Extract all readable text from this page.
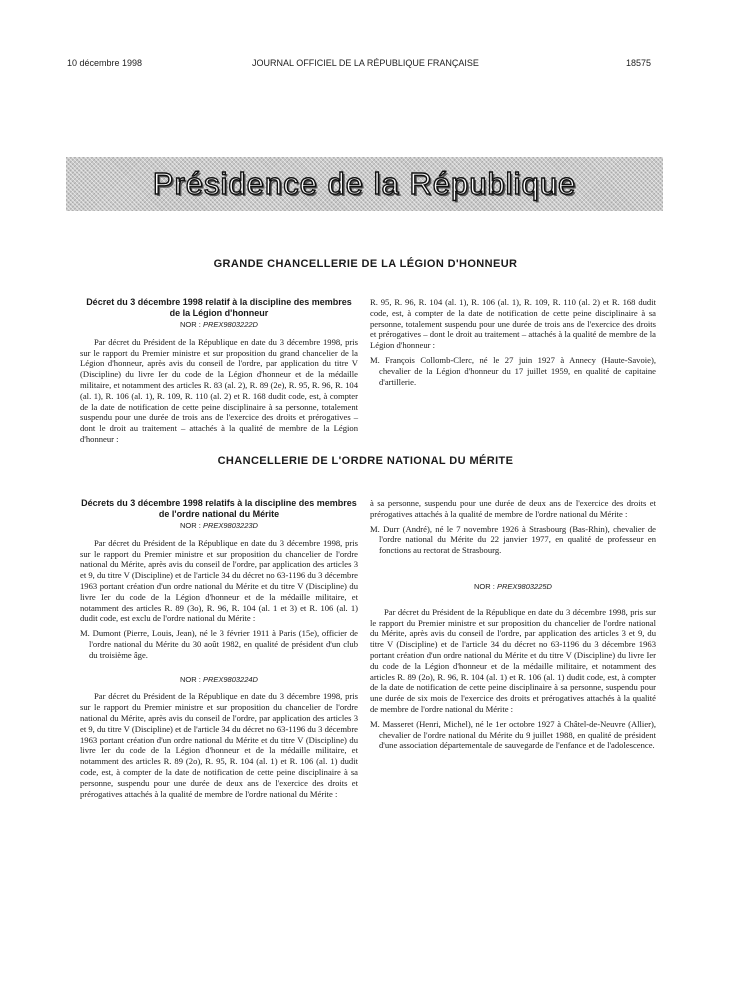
10 décembre 1998	JOURNAL OFFICIEL DE LA RÉPUBLIQUE FRANÇAISE	18575
Présidence de la République
GRANDE CHANCELLERIE DE LA LÉGION D'HONNEUR
Décret du 3 décembre 1998 relatif à la discipline des membres de la Légion d'honneur
NOR : PREX9803222D

Par décret du Président de la République en date du 3 décembre 1998, pris sur le rapport du Premier ministre et sur proposition du grand chancelier de la Légion d'honneur, après avis du conseil de l'ordre, par application du titre V (Discipline) du livre Ier du code de la Légion d'honneur et de la médaille militaire, et notamment des articles R. 83 (al. 2), R. 89 (2e), R. 95, R. 96, R. 104 (al. 1), R. 106 (al. 1), R. 109, R. 110 (al. 2) et R. 168 dudit code, est, à compter de la date de notification de cette peine disciplinaire à sa personne, totalement suspendu pour une durée de trois ans de l'exercice des droits et prérogatives – dont le droit au traitement – attachés à la qualité de membre de la Légion d'honneur :

R. 95, R. 96, R. 104 (al. 1), R. 106 (al. 1), R. 109, R. 110 (al. 2) et R. 168 dudit code, est, à compter de la date de notification de cette peine disciplinaire à sa personne, totalement suspendu pour une durée de trois ans de l'exercice des droits et prérogatives – dont le droit au traitement – attachés à la qualité de membre de la Légion d'honneur :

M. François Collomb-Clerc, né le 27 juin 1927 à Annecy (Haute-Savoie), chevalier de la Légion d'honneur du 17 juillet 1959, en qualité de capitaine d'artillerie.

CHANCELLERIE DE L'ORDRE NATIONAL DU MÉRITE
Décrets du 3 décembre 1998 relatifs à la discipline des membres de l'ordre national du Mérite
NOR : PREX9803223D

Par décret du Président de la République en date du 3 décembre 1998, pris sur le rapport du Premier ministre et sur proposition du chancelier de l'ordre national du Mérite, après avis du conseil de l'ordre, par application des articles 3 et 9, du titre V (Discipline) et de l'article 34 du décret no 63-1196 du 3 décembre 1963 portant création d'un ordre national du Mérite et du titre V (Discipline) du livre Ier du code de la Légion d'honneur et de la médaille militaire, et notamment des articles R. 89 (3o), R. 96, R. 104 (al. 1 et 3) et R. 106 (al. 1) dudit code, est exclu de l'ordre national du Mérite :

M. Dumont (Pierre, Louis, Jean), né le 3 février 1911 à Paris (15e), officier de l'ordre national du Mérite du 30 août 1982, en qualité de président d'un club du troisième âge.

NOR : PREX9803224D

Par décret du Président de la République en date du 3 décembre 1998, pris sur le rapport du Premier ministre et sur proposition du chancelier de l'ordre national du Mérite, après avis du conseil de l'ordre, par application des articles 3 et 9, du titre V (Discipline) et de l'article 34 du décret no 63-1196 du 3 décembre 1963 portant création d'un ordre national du Mérite et du titre V (Discipline) du livre Ier du code de la Légion d'honneur et de la médaille militaire, et notamment des articles R. 89 (2o), R. 95, R. 104 (al. 1) et R. 106 (al. 1) dudit code, est, à compter de la date de notification de cette peine disciplinaire à sa personne, suspendu pour une durée de deux ans de l'exercice des droits et prérogatives attachés à la qualité de membre de l'ordre national du Mérite :

à sa personne, suspendu pour une durée de deux ans de l'exercice des droits et prérogatives attachés à la qualité de membre de l'ordre national du Mérite :

M. Durr (André), né le 7 novembre 1926 à Strasbourg (Bas-Rhin), chevalier de l'ordre national du Mérite du 22 janvier 1977, en qualité de professeur en fonctions au rectorat de Strasbourg.

NOR : PREX9803225D

Par décret du Président de la République en date du 3 décembre 1998, pris sur le rapport du Premier ministre et sur proposition du chancelier de l'ordre national du Mérite, après avis du conseil de l'ordre, par application des articles 3 et 9, du titre V (Discipline) et de l'article 34 du décret no 63-1196 du 3 décembre 1963 portant création d'un ordre national du Mérite et du titre V (Discipline) du livre Ier du code de la Légion d'honneur et de la médaille militaire, et notamment des articles R. 89 (2o), R. 96, R. 104 (al. 1) et R. 106 (al. 1) dudit code, est, à compter de la date de notification de cette peine disciplinaire à sa personne, suspendu pour une durée de six mois de l'exercice des droits et prérogatives attachés à la qualité de membre de l'ordre national du Mérite :

M. Masseret (Henri, Michel), né le 1er octobre 1927 à Châtel-de-Neuvre (Allier), chevalier de l'ordre national du Mérite du 9 juillet 1988, en qualité de président d'une association départementale de sauvegarde de l'enfance et de l'adolescence.
